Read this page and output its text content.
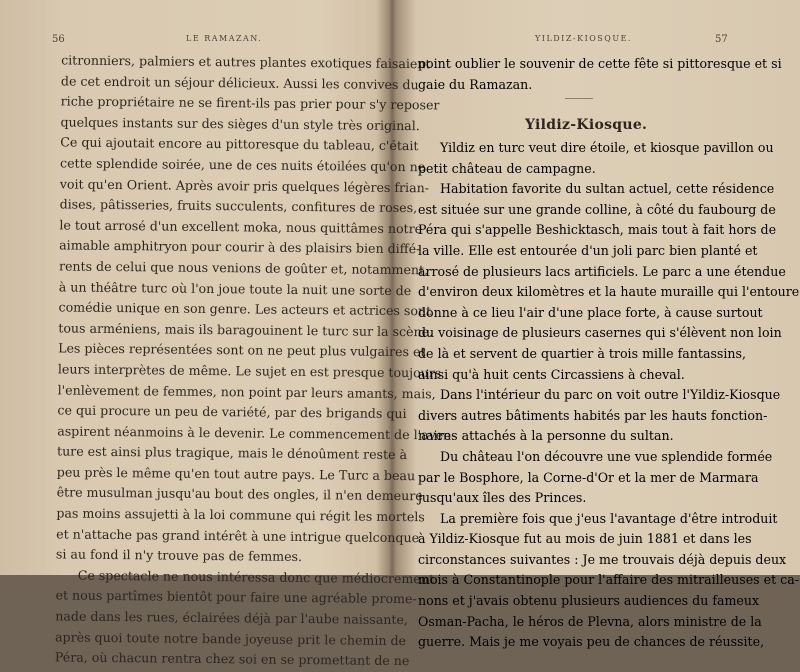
56	LE RAMAZAN.
citronniers, palmiers et autres plantes exotiques faisaient
de cet endroit un séjour délicieux. Aussi les convives du
riche propriétaire ne se firent-ils pas prier pour s'y reposer
quelques instants sur des sièges d'un style très original.
Ce qui ajoutait encore au pittoresque du tableau, c'était
cette splendide soirée, une de ces nuits étoilées qu'on ne
voit qu'en Orient. Après avoir pris quelques légères frian-
dises, pâtisseries, fruits succulents, confitures de roses,
le tout arrosé d'un excellent moka, nous quittâmes notre
aimable amphitryon pour courir à des plaisirs bien diffé-
rents de celui que nous venions de goûter et, notamment,
à un théâtre turc où l'on joue toute la nuit une sorte de
comédie unique en son genre. Les acteurs et actrices sont
tous arméniens, mais ils baragouinent le turc sur la scène.
Les pièces représentées sont on ne peut plus vulgaires et
leurs interprètes de même. Le sujet en est presque toujours
l'enlèvement de femmes, non point par leurs amants, mais,
ce qui procure un peu de variété, par des brigands qui
aspirent néanmoins à le devenir. Le commencement de l'aven-
ture est ainsi plus tragique, mais le dénoûment reste à
peu près le même qu'en tout autre pays. Le Turc a beau
être musulman jusqu'au bout des ongles, il n'en demeure
pas moins assujetti à la loi commune qui régit les mortels
et n'attache pas grand intérêt à une intrigue quelconque
si au fond il n'y trouve pas de femmes.
Ce spectacle ne nous intéressa donc que médiocrement
et nous partîmes bientôt pour faire une agréable prome-
nade dans les rues, éclairées déjà par l'aube naissante,
après quoi toute notre bande joyeuse prit le chemin de
Péra, où chacun rentra chez soi en se promettant de ne
YILDIZ-KIOSQUE.	57
point oublier le souvenir de cette fête si pittoresque et si
gaie du Ramazan.
Yildiz-Kiosque.
Yildiz en turc veut dire étoile, et kiosque pavillon ou
petit château de campagne.
Habitation favorite du sultan actuel, cette résidence
est située sur une grande colline, à côté du faubourg de
Péra qui s'appelle Beshicktasch, mais tout à fait hors de
la ville. Elle est entourée d'un joli parc bien planté et
arrosé de plusieurs lacs artificiels. Le parc a une étendue
d'environ deux kilomètres et la haute muraille qui l'entoure
donne à ce lieu l'air d'une place forte, à cause surtout
du voisinage de plusieurs casernes qui s'élèvent non loin
de là et servent de quartier à trois mille fantassins,
ainsi qu'à huit cents Circassiens à cheval.
Dans l'intérieur du parc on voit outre l'Yildiz-Kiosque
divers autres bâtiments habités par les hauts fonction-
naires attachés à la personne du sultan.
Du château l'on découvre une vue splendide formée
par le Bosphore, la Corne-d'Or et la mer de Marmara
jusqu'aux îles des Princes.
La première fois que j'eus l'avantage d'être introduit
à Yildiz-Kiosque fut au mois de juin 1881 et dans les
circonstances suivantes : Je me trouvais déjà depuis deux
mois à Constantinople pour l'affaire des mitrailleuses et ca-
nons et j'avais obtenu plusieurs audiences du fameux
Osman-Pacha, le héros de Plevna, alors ministre de la
guerre. Mais je me voyais peu de chances de réussite,
